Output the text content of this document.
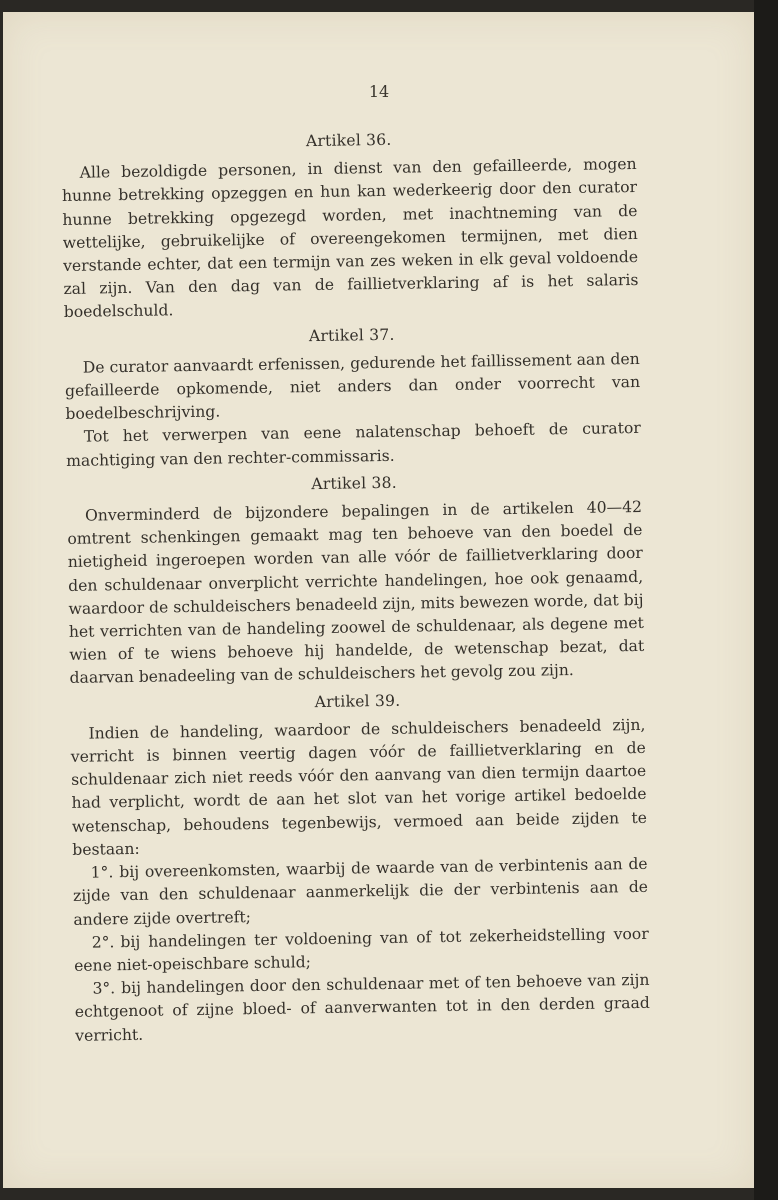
14
Artikel 36.

Alle bezoldigde personen, in dienst van den gefailleerde, mogen hunne betrekking opzeggen en hun kan wederkeerig door den curator hunne betrekking opgezegd worden, met inachtneming van de wettelijke, gebruikelijke of overeengekomen termijnen, met dien verstande echter, dat een termijn van zes weken in elk geval voldoende zal zijn. Van den dag van de faillietverklaring af is het salaris boedelschuld.

Artikel 37.

De curator aanvaardt erfenissen, gedurende het faillissement aan den gefailleerde opkomende, niet anders dan onder voorrecht van boedelbeschrijving.

Tot het verwerpen van eene nalatenschap behoeft de curator machtiging van den rechter-commissaris.

Artikel 38.

Onverminderd de bijzondere bepalingen in de artikelen 40—42 omtrent schenkingen gemaakt mag ten behoeve van den boedel de nietigheid ingeroepen worden van alle vóór de faillietverklaring door den schuldenaar onverplicht verrichte handelingen, hoe ook genaamd, waardoor de schuldeischers benadeeld zijn, mits bewezen worde, dat bij het verrichten van de handeling zoowel de schuldenaar, als degene met wien of te wiens behoeve hij handelde, de wetenschap bezat, dat daarvan benadeeling van de schuldeischers het gevolg zou zijn.

Artikel 39.

Indien de handeling, waardoor de schuldeischers benadeeld zijn, verricht is binnen veertig dagen vóór de faillietverklaring en de schuldenaar zich niet reeds vóór den aanvang van dien termijn daartoe had verplicht, wordt de aan het slot van het vorige artikel bedoelde wetenschap, behoudens tegenbewijs, vermoed aan beide zijden te bestaan:

1°. bij overeenkomsten, waarbij de waarde van de verbintenis aan de zijde van den schuldenaar aanmerkelijk die der verbintenis aan de andere zijde overtreft;

2°. bij handelingen ter voldoening van of tot zekerheidstelling voor eene niet-opeischbare schuld;

3°. bij handelingen door den schuldenaar met of ten behoeve van zijn echtgenoot of zijne bloed- of aanverwanten tot in den derden graad verricht.
